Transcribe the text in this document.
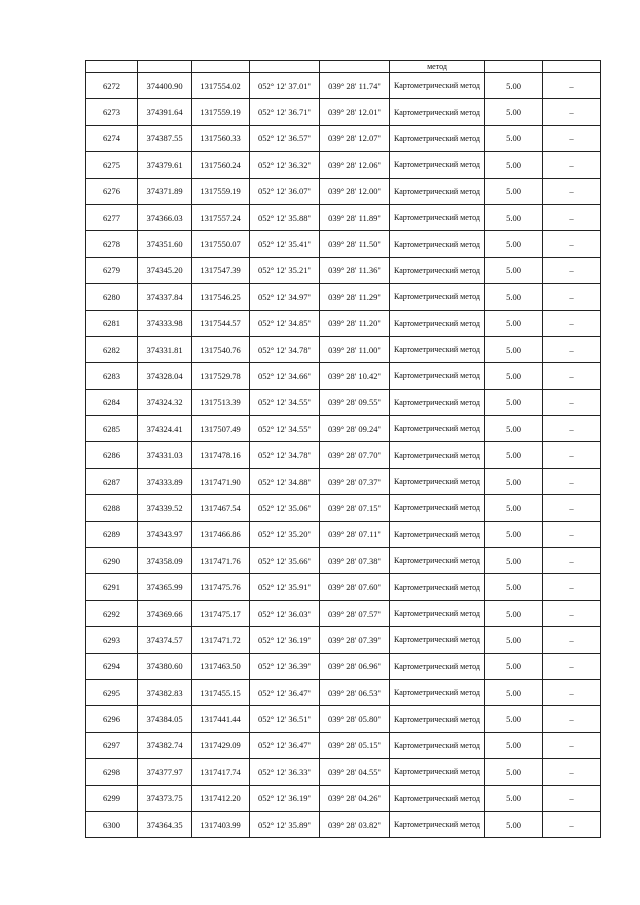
					метод		
6272	374400.90	1317554.02	052° 12' 37.01"	039° 28' 11.74"	Картометрический метод	5.00	–
6273	374391.64	1317559.19	052° 12' 36.71"	039° 28' 12.01"	Картометрический метод	5.00	–
6274	374387.55	1317560.33	052° 12' 36.57"	039° 28' 12.07"	Картометрический метод	5.00	–
6275	374379.61	1317560.24	052° 12' 36.32"	039° 28' 12.06"	Картометрический метод	5.00	–
6276	374371.89	1317559.19	052° 12' 36.07"	039° 28' 12.00"	Картометрический метод	5.00	–
6277	374366.03	1317557.24	052° 12' 35.88"	039° 28' 11.89"	Картометрический метод	5.00	–
6278	374351.60	1317550.07	052° 12' 35.41"	039° 28' 11.50"	Картометрический метод	5.00	–
6279	374345.20	1317547.39	052° 12' 35.21"	039° 28' 11.36"	Картометрический метод	5.00	–
6280	374337.84	1317546.25	052° 12' 34.97"	039° 28' 11.29"	Картометрический метод	5.00	–
6281	374333.98	1317544.57	052° 12' 34.85"	039° 28' 11.20"	Картометрический метод	5.00	–
6282	374331.81	1317540.76	052° 12' 34.78"	039° 28' 11.00"	Картометрический метод	5.00	–
6283	374328.04	1317529.78	052° 12' 34.66"	039° 28' 10.42"	Картометрический метод	5.00	–
6284	374324.32	1317513.39	052° 12' 34.55"	039° 28' 09.55"	Картометрический метод	5.00	–
6285	374324.41	1317507.49	052° 12' 34.55"	039° 28' 09.24"	Картометрический метод	5.00	–
6286	374331.03	1317478.16	052° 12' 34.78"	039° 28' 07.70"	Картометрический метод	5.00	–
6287	374333.89	1317471.90	052° 12' 34.88"	039° 28' 07.37"	Картометрический метод	5.00	–
6288	374339.52	1317467.54	052° 12' 35.06"	039° 28' 07.15"	Картометрический метод	5.00	–
6289	374343.97	1317466.86	052° 12' 35.20"	039° 28' 07.11"	Картометрический метод	5.00	–
6290	374358.09	1317471.76	052° 12' 35.66"	039° 28' 07.38"	Картометрический метод	5.00	–
6291	374365.99	1317475.76	052° 12' 35.91"	039° 28' 07.60"	Картометрический метод	5.00	–
6292	374369.66	1317475.17	052° 12' 36.03"	039° 28' 07.57"	Картометрический метод	5.00	–
6293	374374.57	1317471.72	052° 12' 36.19"	039° 28' 07.39"	Картометрический метод	5.00	–
6294	374380.60	1317463.50	052° 12' 36.39"	039° 28' 06.96"	Картометрический метод	5.00	–
6295	374382.83	1317455.15	052° 12' 36.47"	039° 28' 06.53"	Картометрический метод	5.00	–
6296	374384.05	1317441.44	052° 12' 36.51"	039° 28' 05.80"	Картометрический метод	5.00	–
6297	374382.74	1317429.09	052° 12' 36.47"	039° 28' 05.15"	Картометрический метод	5.00	–
6298	374377.97	1317417.74	052° 12' 36.33"	039° 28' 04.55"	Картометрический метод	5.00	–
6299	374373.75	1317412.20	052° 12' 36.19"	039° 28' 04.26"	Картометрический метод	5.00	–
6300	374364.35	1317403.99	052° 12' 35.89"	039° 28' 03.82"	Картометрический метод	5.00	–
